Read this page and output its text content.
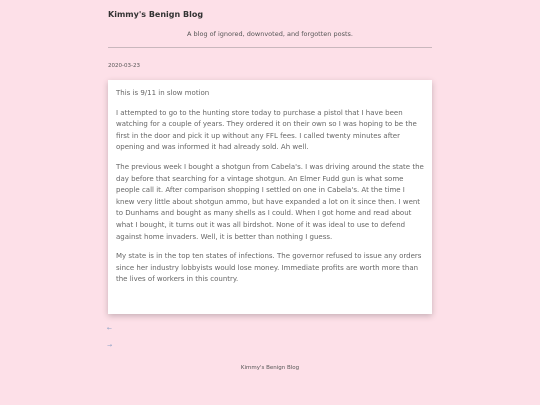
Kimmy's Benign Blog
A blog of ignored, downvoted, and forgotten posts.
2020-03-23

This is 9/11 in slow motion

I attempted to go to the hunting store today to purchase a pistol that I have been watching for a couple of years. They ordered it on their own so I was hoping to be the first in the door and pick it up without any FFL fees. I called twenty minutes after opening and was informed it had already sold. Ah well.

The previous week I bought a shotgun from Cabela's. I was driving around the state the day before that searching for a vintage shotgun. An Elmer Fudd gun is what some people call it. After comparison shopping I settled on one in Cabela's. At the time I knew very little about shotgun ammo, but have expanded a lot on it since then. I went to Dunhams and bought as many shells as I could. When I got home and read about what I bought, it turns out it was all birdshot. None of it was ideal to use to defend against home invaders. Well, it is better than nothing I guess.

My state is in the top ten states of infections. The governor refused to issue any orders since her industry lobbyists would lose money. Immediate profits are worth more than the lives of workers in this country.

←
→
Kimmy's Benign Blog
